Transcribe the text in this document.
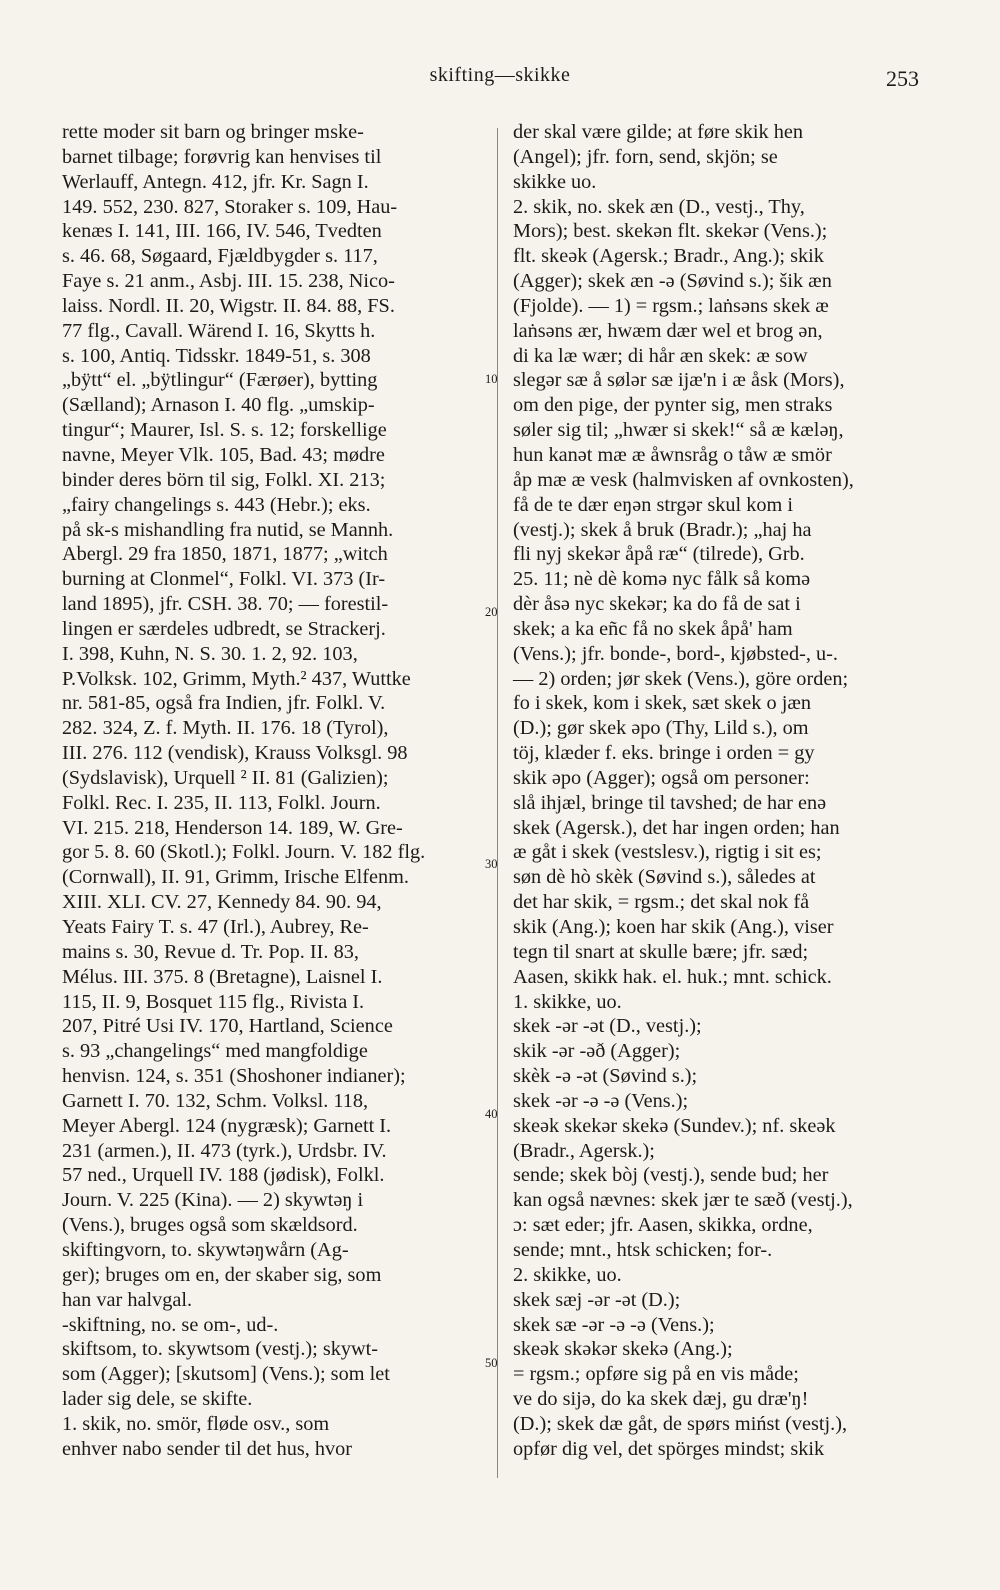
skifting—skikke	253
rette moder sit barn og bringer mske-
barnet tilbage; forøvrig kan henvises til
Werlauff, Antegn. 412, jfr. Kr. Sagn I.
149. 552, 230. 827, Storaker s. 109, Hau-
kenæs I. 141, III. 166, IV. 546, Tvedten
s. 46. 68, Søgaard, Fjældbygder s. 117,
Faye s. 21 anm., Asbj. III. 15. 238, Nico-
laiss. Nordl. II. 20, Wigstr. II. 84. 88, FS.
77 flg., Cavall. Wärend I. 16, Skytts h.
s. 100, Antiq. Tidsskr. 1849-51, s. 308
„bÿtt“ el. „bÿtlingur“ (Færøer), bytting
(Sælland); Arnason I. 40 flg. „umskip-
tingur“; Maurer, Isl. S. s. 12; forskellige
navne, Meyer Vlk. 105, Bad. 43; mødre
binder deres börn til sig, Folkl. XI. 213;
„fairy changelings s. 443 (Hebr.); eks.
på sk-s mishandling fra nutid, se Mannh.
Abergl. 29 fra 1850, 1871, 1877; „witch
burning at Clonmel“, Folkl. VI. 373 (Ir-
land 1895), jfr. CSH. 38. 70; — forestil-
lingen er særdeles udbredt, se Strackerj.
I. 398, Kuhn, N. S. 30. 1. 2, 92. 103,
P.Volksk. 102, Grimm, Myth.² 437, Wuttke
nr. 581-85, også fra Indien, jfr. Folkl. V.
282. 324, Z. f. Myth. II. 176. 18 (Tyrol),
III. 276. 112 (vendisk), Krauss Volksgl. 98
(Sydslavisk), Urquell ² II. 81 (Galizien);
Folkl. Rec. I. 235, II. 113, Folkl. Journ.
VI. 215. 218, Henderson 14. 189, W. Gre-
gor 5. 8. 60 (Skotl.); Folkl. Journ. V. 182 flg.
(Cornwall), II. 91, Grimm, Irische Elfenm.
XIII. XLI. CV. 27, Kennedy 84. 90. 94,
Yeats Fairy T. s. 47 (Irl.), Aubrey, Re-
mains s. 30, Revue d. Tr. Pop. II. 83,
Mélus. III. 375. 8 (Bretagne), Laisnel I.
115, II. 9, Bosquet 115 flg., Rivista I.
207, Pitré Usi IV. 170, Hartland, Science
s. 93 „changelings“ med mangfoldige
henvisn. 124, s. 351 (Shoshoner indianer);
Garnett I. 70. 132, Schm. Volksl. 118,
Meyer Abergl. 124 (nygræsk); Garnett I.
231 (armen.), II. 473 (tyrk.), Urdsbr. IV.
57 ned., Urquell IV. 188 (jødisk), Folkl.
Journ. V. 225 (Kina). — 2) skywtəŋ i
(Vens.), bruges også som skældsord.
skiftingvorn, to. skywtəŋwårn (Ag-
ger); bruges om en, der skaber sig, som
han var halvgal.
-skiftning, no. se om-, ud-.
skiftsom, to. skywtsom (vestj.); skywt-
som (Agger); [skutsom] (Vens.); som let
lader sig dele, se skifte.
1. skik, no. smör, fløde osv., som
enhver nabo sender til det hus, hvor
10
20
30
40
50
der skal være gilde; at føre skik hen
(Angel); jfr. forn, send, skjön; se
skikke uo.
2. skik, no. skek æn (D., vestj., Thy,
Mors); best. skekən flt. skekər (Vens.);
flt. skeək (Agersk.; Bradr., Ang.); skik
(Agger); skek æn -ə (Søvind s.); šik æn
(Fjolde). — 1) = rgsm.; laṅsəns skek æ
laṅsəns ær, hwæm dær wel et brog ən,
di ka læ wær; di hår æn skek: æ sow
slegər sæ å sølər sæ ijæ'n i æ åsk (Mors),
om den pige, der pynter sig, men straks
søler sig til; „hwær si skek!“ så æ kæləŋ,
hun kanət mæ æ åwnsråg o tåw æ smör
åp mæ æ vesk (halmvisken af ovnkosten),
få de te dær eŋən strgər skul kom i
(vestj.); skek å bruk (Bradr.); „haj ha
fli nyj skekər åpå ræ“ (tilrede), Grb.
25. 11; nè dè komə nyc fålk så komə
dèr åsə nyc skekər; ka do få de sat i
skek; a ka eñc få no skek åpå' ham
(Vens.); jfr. bonde-, bord-, kjøbsted-, u-.
— 2) orden; jør skek (Vens.), göre orden;
fo i skek, kom i skek, sæt skek o jæn
(D.); gør skek əpo (Thy, Lild s.), om
töj, klæder f. eks. bringe i orden = gy
skik əpo (Agger); også om personer:
slå ihjæl, bringe til tavshed; de har enə
skek (Agersk.), det har ingen orden; han
æ gåt i skek (vestslesv.), rigtig i sit es;
søn dè hò skèk (Søvind s.), således at
det har skik, = rgsm.; det skal nok få
skik (Ang.); koen har skik (Ang.), viser
tegn til snart at skulle bære; jfr. sæd;
Aasen, skikk hak. el. huk.; mnt. schick.
1. skikke, uo.
skek -ər -ət (D., vestj.);
skik -ər -əð (Agger);
skèk -ə -ət (Søvind s.);
skek -ər -ə -ə (Vens.);
skeək skekər skekə (Sundev.); nf. skeək
(Bradr., Agersk.);
sende; skek bòj (vestj.), sende bud; her
kan også nævnes: skek jær te sæð (vestj.),
ɔ: sæt eder; jfr. Aasen, skikka, ordne,
sende; mnt., htsk schicken; for-.
2. skikke, uo.
skek sæj -ər -ət (D.);
skek sæ -ər -ə -ə (Vens.);
skeək skəkər skekə (Ang.);
= rgsm.; opføre sig på en vis måde;
ve do sijə, do ka skek dæj, gu dræ'ŋ!
(D.); skek dæ gåt, de spørs mińst (vestj.),
opfør dig vel, det spörges mindst; skik
